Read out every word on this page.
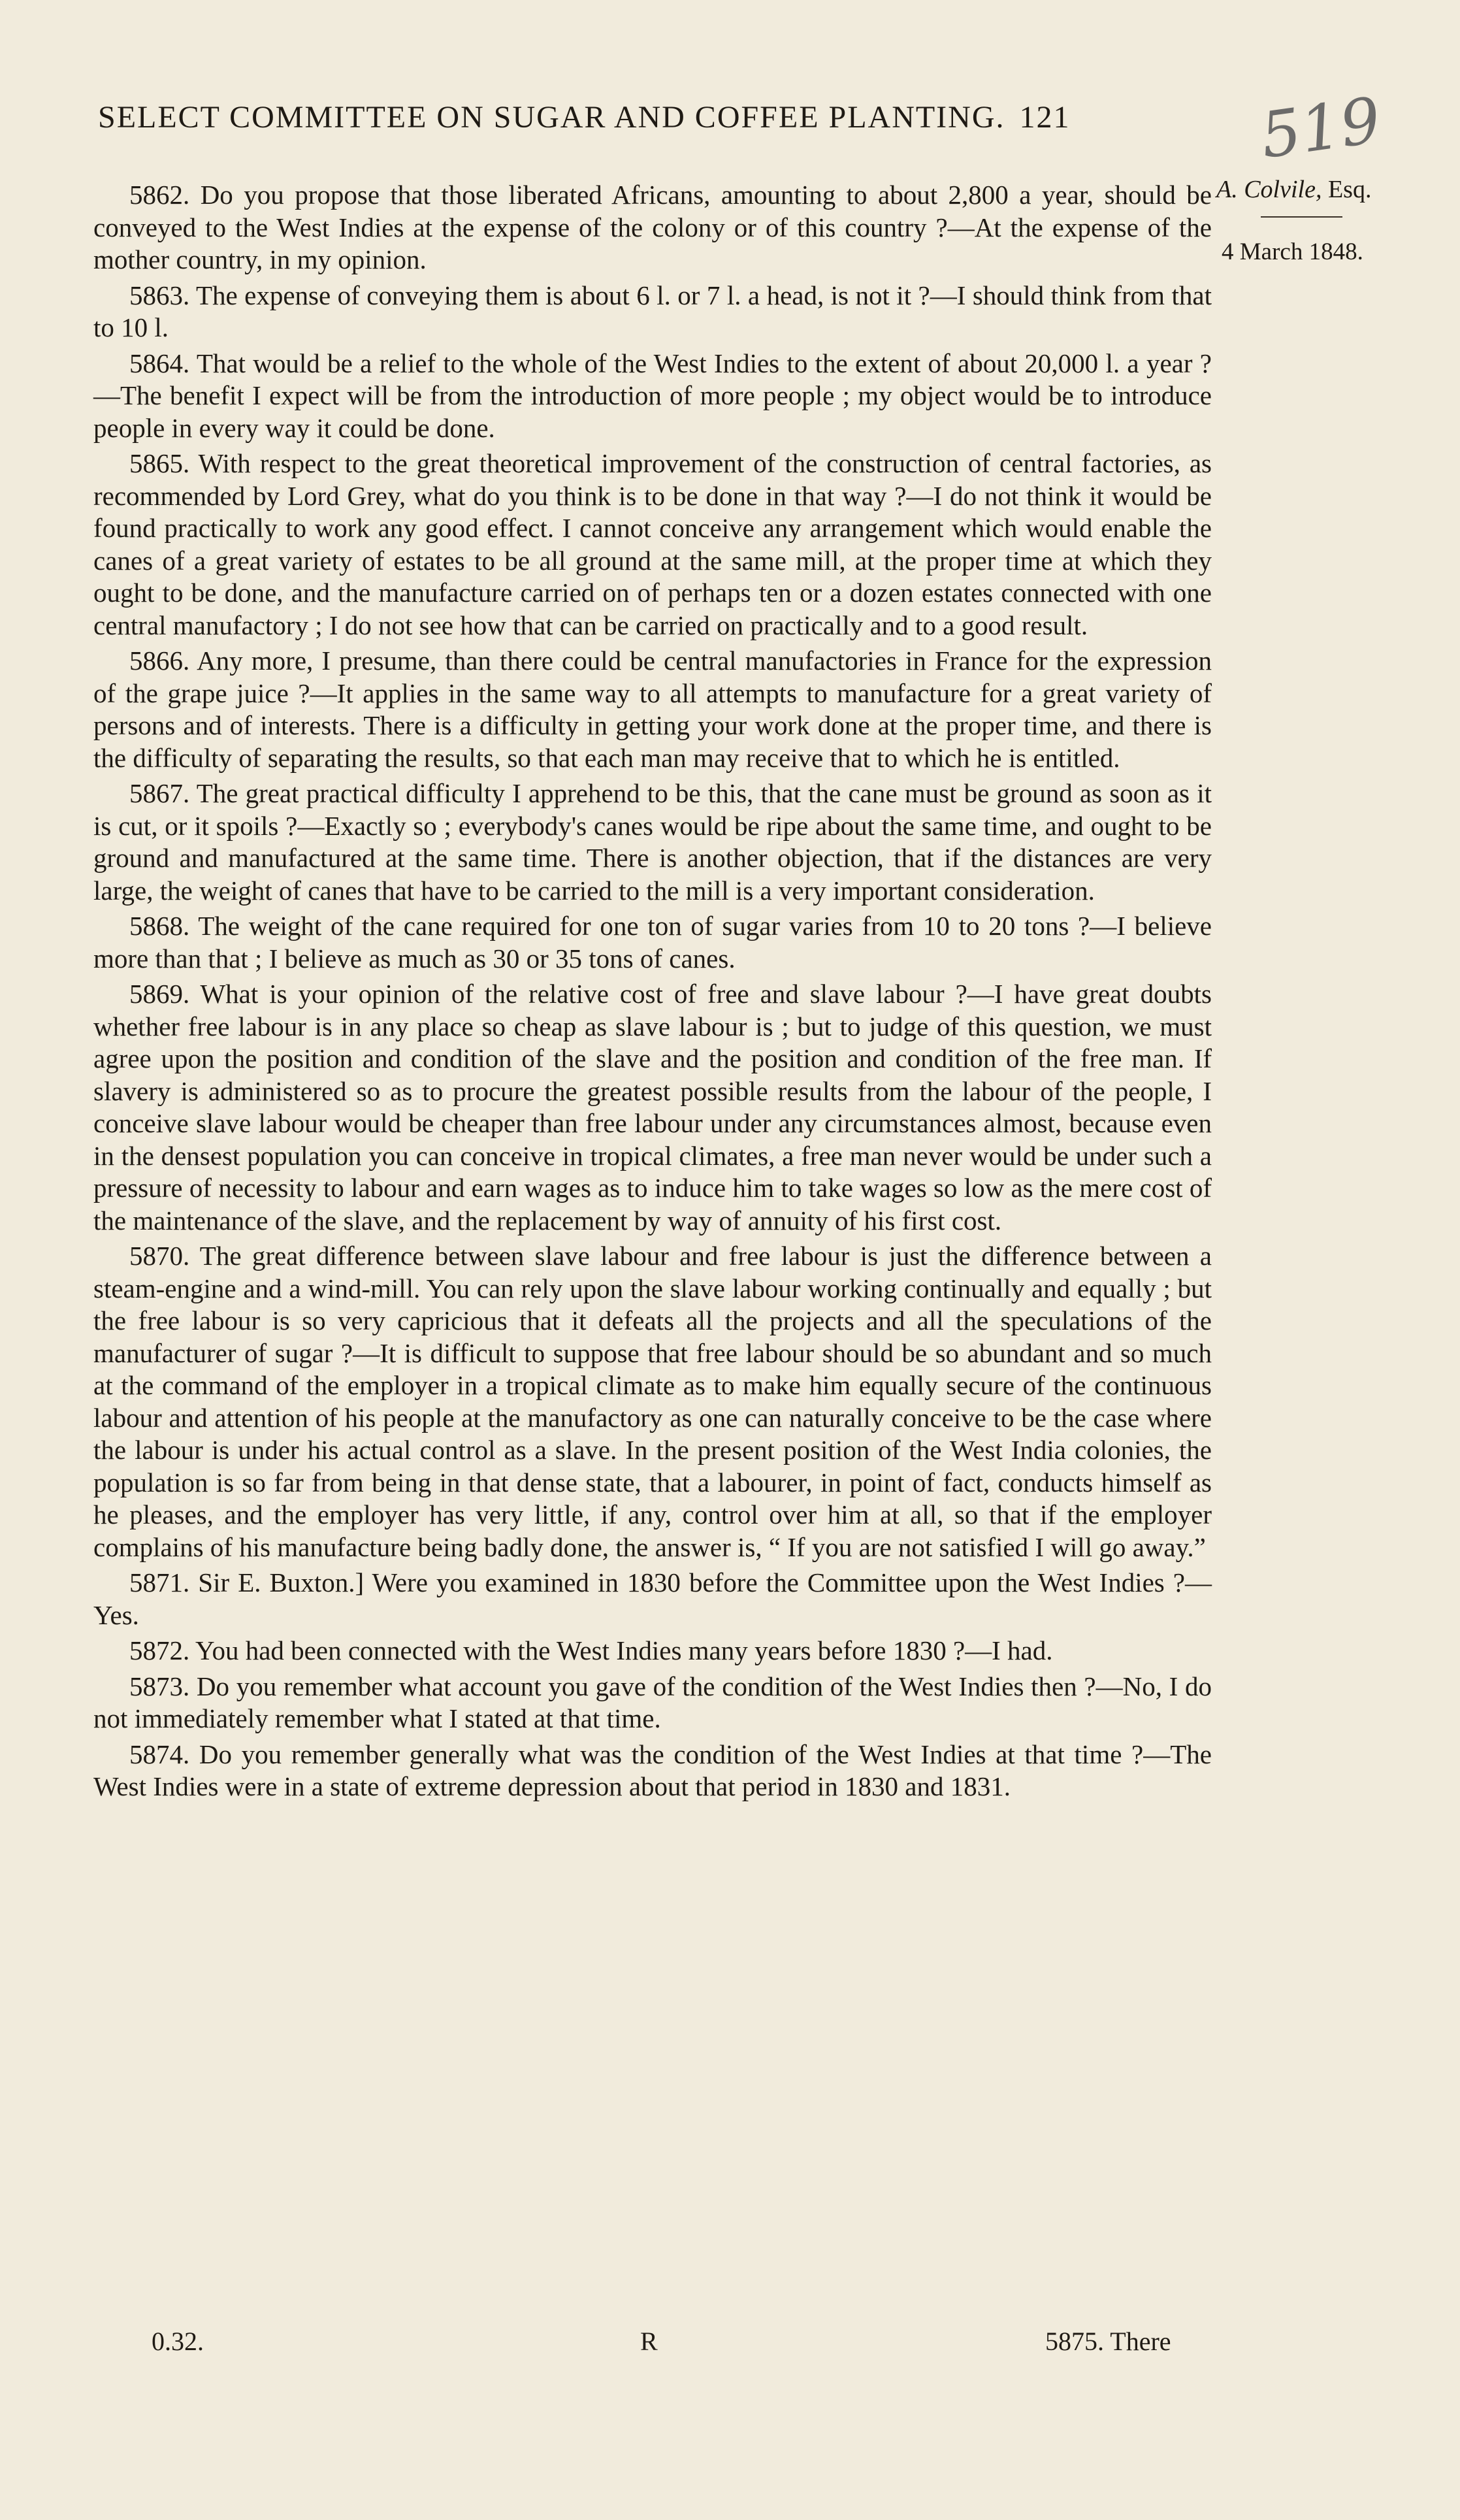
SELECT COMMITTEE ON SUGAR AND COFFEE PLANTING. 121	519
A. Colvile, Esq.
4 March 1848.

5862. Do you propose that those liberated Africans, amounting to about 2,800 a year, should be conveyed to the West Indies at the expense of the colony or of this country ?—At the expense of the mother country, in my opinion.

5863. The expense of conveying them is about 6 l. or 7 l. a head, is not it ?—I should think from that to 10 l.

5864. That would be a relief to the whole of the West Indies to the extent of about 20,000 l. a year ?—The benefit I expect will be from the introduction of more people ; my object would be to introduce people in every way it could be done.

5865. With respect to the great theoretical improvement of the construction of central factories, as recommended by Lord Grey, what do you think is to be done in that way ?—I do not think it would be found practically to work any good effect. I cannot conceive any arrangement which would enable the canes of a great variety of estates to be all ground at the same mill, at the proper time at which they ought to be done, and the manufacture carried on of perhaps ten or a dozen estates connected with one central manufactory ; I do not see how that can be carried on practically and to a good result.

5866. Any more, I presume, than there could be central manufactories in France for the expression of the grape juice ?—It applies in the same way to all attempts to manufacture for a great variety of persons and of interests. There is a difficulty in getting your work done at the proper time, and there is the difficulty of separating the results, so that each man may receive that to which he is entitled.

5867. The great practical difficulty I apprehend to be this, that the cane must be ground as soon as it is cut, or it spoils ?—Exactly so ; everybody's canes would be ripe about the same time, and ought to be ground and manufactured at the same time. There is another objection, that if the distances are very large, the weight of canes that have to be carried to the mill is a very important consideration.

5868. The weight of the cane required for one ton of sugar varies from 10 to 20 tons ?—I believe more than that ; I believe as much as 30 or 35 tons of canes.

5869. What is your opinion of the relative cost of free and slave labour ?—I have great doubts whether free labour is in any place so cheap as slave labour is ; but to judge of this question, we must agree upon the position and condition of the slave and the position and condition of the free man. If slavery is administered so as to procure the greatest possible results from the labour of the people, I conceive slave labour would be cheaper than free labour under any circumstances almost, because even in the densest population you can conceive in tropical climates, a free man never would be under such a pressure of necessity to labour and earn wages as to induce him to take wages so low as the mere cost of the maintenance of the slave, and the replacement by way of annuity of his first cost.

5870. The great difference between slave labour and free labour is just the difference between a steam-engine and a wind-mill. You can rely upon the slave labour working continually and equally ; but the free labour is so very capricious that it defeats all the projects and all the speculations of the manufacturer of sugar ?—It is difficult to suppose that free labour should be so abundant and so much at the command of the employer in a tropical climate as to make him equally secure of the continuous labour and attention of his people at the manufactory as one can naturally conceive to be the case where the labour is under his actual control as a slave. In the present position of the West India colonies, the population is so far from being in that dense state, that a labourer, in point of fact, conducts himself as he pleases, and the employer has very little, if any, control over him at all, so that if the employer complains of his manufacture being badly done, the answer is, “ If you are not satisfied I will go away.”

5871. Sir E. Buxton.] Were you examined in 1830 before the Committee upon the West Indies ?—Yes.

5872. You had been connected with the West Indies many years before 1830 ?—I had.

5873. Do you remember what account you gave of the condition of the West Indies then ?—No, I do not immediately remember what I stated at that time.

5874. Do you remember generally what was the condition of the West Indies at that time ?—The West Indies were in a state of extreme depression about that period in 1830 and 1831.

0.32.	R	5875. There
